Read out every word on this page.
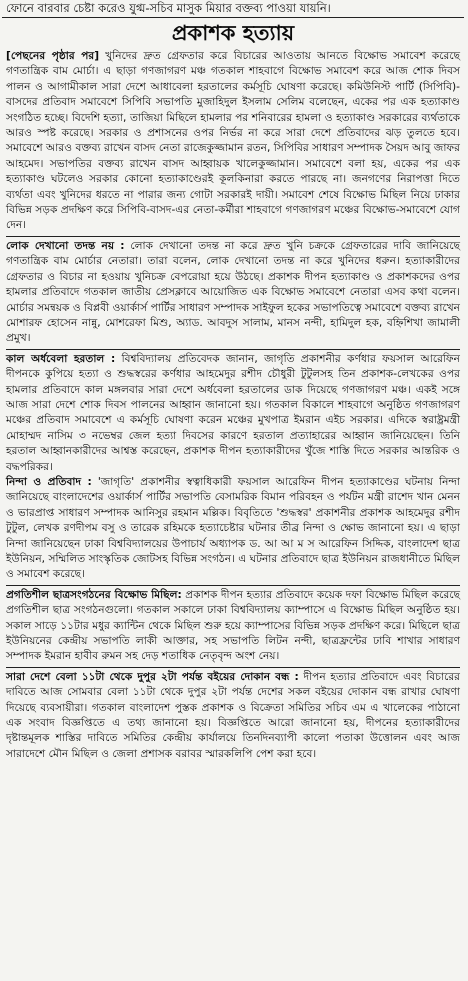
ফোনে বারবার চেষ্টা করেও যুগ্ম-সচিব মাসুক মিয়ার বক্তব্য পাওয়া যায়নি।
প্রকাশক হত্যায়

[পেছনের পৃষ্ঠার পর] খুনিদের দ্রুত গ্রেফতার করে বিচারের আওতায় আনতে বিক্ষোভ সমাবেশ করেছে গণতান্ত্রিক বাম মোর্চা। এ ছাড়া গণজাগরণ মঞ্চ গতকাল শাহবাগে বিক্ষোভ সমাবেশ করে আজ শোক দিবস পালন ও আগামীকাল সারা দেশে আধাবেলা হরতালের কর্মসূচি ঘোষণা করেছে। কমিউনিস্ট পার্টি (সিপিবি)-বাসদের প্রতিবাদ সমাবেশে সিপিবি সভাপতি মুজাহিদুল ইসলাম সেলিম বলেছেন, একের পর এক হত্যাকাণ্ড সংগঠিত হচ্ছে। বিদেশি হত্যা, তাজিয়া মিছিলে হামলার পর শনিবারের হামলা ও হত্যাকাণ্ড সরকারের ব্যর্থতাকে আরও স্পষ্ট করেছে। সরকার ও প্রশাসনের ওপর নির্ভর না করে সারা দেশে প্রতিবাদের ঝড় তুলতে হবে। সমাবেশে আরও বক্তব্য রাখেন বাসদ নেতা রাজেকুজ্জামান রতন, সিপিবির সাধারণ সম্পাদক সৈয়দ আবু জাফর আহমেদ। সভাপতির বক্তব্য রাখেন বাসদ আহ্বায়ক খালেকুজ্জামান। সমাবেশে বলা হয়, একের পর এক হত্যাকাণ্ড ঘটলেও সরকার কোনো হত্যাকাণ্ডেরই কূলকিনারা করতে পারছে না। জনগণের নিরাপত্তা দিতে ব্যর্থতা এবং খুনিদের ধরতে না পারার জন্য গোটা সরকারই দায়ী। সমাবেশ শেষে বিক্ষোভ মিছিল নিয়ে ঢাকার বিভিন্ন সড়ক প্রদক্ষিণ করে সিপিবি-বাসদ-এর নেতা-কর্মীরা শাহবাগে গণজাগরণ মঞ্চের বিক্ষোভ-সমাবেশে যোগ দেন।

লোক দেখানো তদন্ত নয় : লোক দেখানো তদন্ত না করে দ্রুত খুনি চক্রকে গ্রেফতারের দাবি জানিয়েছে গণতান্ত্রিক বাম মোর্চার নেতারা। তারা বলেন, লোক দেখানো তদন্ত না করে খুনিদের ধরুন। হত্যাকারীদের গ্রেফতার ও বিচার না হওয়ায় খুনিচক্র বেপরোয়া হয়ে উঠছে। প্রকাশক দীপন হত্যাকাণ্ড ও প্রকাশকদের ওপর হামলার প্রতিবাদে গতকাল জাতীয় প্রেসক্লাবে আয়োজিত এক বিক্ষোভ সমাবেশে নেতারা এসব কথা বলেন। মোর্চার সমন্বয়ক ও বিপ্লবী ওয়ার্কার্স পার্টির সাধারণ সম্পাদক সাইফুল হকের সভাপতিত্বে সমাবেশে বক্তব্য রাখেন মোশারফ হোসেন নান্নু, মোশরেফা মিশু, অ্যাড. আবদুস সালাম, মানস নন্দী, হামিদুল হক, বহ্নিশিখা জামালী প্রমুখ।

কাল অর্ধবেলা হরতাল : বিশ্ববিদ্যালয় প্রতিবেদক জানান, জাগৃতি প্রকাশনীর কর্ণধার ফয়সাল আরেফিন দীপনকে কুপিয়ে হত্যা ও শুদ্ধস্বরের কর্ণধার আহমেদুর রশীদ চৌধুরী টুটুলসহ তিন প্রকাশক-লেখকের ওপর হামলার প্রতিবাদে কাল মঙ্গলবার সারা দেশে অর্ধবেলা হরতালের ডাক দিয়েছে গণজাগরণ মঞ্চ। একই সঙ্গে আজ সারা দেশে শোক দিবস পালনের আহ্বান জানানো হয়। গতকাল বিকালে শাহবাগে অনুষ্ঠিত গণজাগরণ মঞ্চের প্রতিবাদ সমাবেশে এ কর্মসূচি ঘোষণা করেন মঞ্চের মুখপাত্র ইমরান এইচ সরকার। এদিকে স্বরাষ্ট্রমন্ত্রী মোহাম্মদ নাসিম ৩ নভেম্বর জেল হত্যা দিবসের কারণে হরতাল প্রত্যাহারের আহ্বান জানিয়েছেন। তিনি হরতাল আহ্বানকারীদের আশ্বস্ত করেছেন, প্রকাশক দীপন হত্যাকারীদের খুঁজে শাস্তি দিতে সরকার আন্তরিক ও বদ্ধপরিকর।

নিন্দা ও প্রতিবাদ : 'জাগৃতি' প্রকাশনীর স্বত্বাধিকারী ফয়সাল আরেফিন দীপন হত্যাকাণ্ডের ঘটনায় নিন্দা জানিয়েছে বাংলাদেশের ওয়ার্কার্স পার্টির সভাপতি বেসামরিক বিমান পরিবহন ও পর্যটন মন্ত্রী রাশেদ খান মেনন ও ভারপ্রাপ্ত সাধারণ সম্পাদক আনিসুর রহমান মল্লিক। বিবৃতিতে 'শুদ্ধস্বর' প্রকাশনীর প্রকাশক আহমেদুর রশীদ টুটুল, লেখক রণদীপম বসু ও তারেক রহিমকে হত্যাচেষ্টার ঘটনার তীব্র নিন্দা ও ক্ষোভ জানানো হয়। এ ছাড়া নিন্দা জানিয়েছেন ঢাকা বিশ্ববিদ্যালয়ের উপাচার্য অধ্যাপক ড. আ আ ম স আরেফিন সিদ্দিক, বাংলাদেশ ছাত্র ইউনিয়ন, সম্মিলিত সাংস্কৃতিক জোটসহ বিভিন্ন সংগঠন। এ ঘটনার প্রতিবাদে ছাত্র ইউনিয়ন রাজধানীতে মিছিল ও সমাবেশ করেছে।

প্রগতিশীল ছাত্রসংগঠনের বিক্ষোভ মিছিল: প্রকাশক দীপন হত্যার প্রতিবাদে কয়েক দফা বিক্ষোভ মিছিল করেছে প্রগতিশীল ছাত্র সংগঠনগুলো। গতকাল সকালে ঢাকা বিশ্ববিদ্যালয় ক্যাম্পাসে এ বিক্ষোভ মিছিল অনুষ্ঠিত হয়। সকাল সাড়ে ১১টার মধুর ক্যান্টিন থেকে মিছিল শুরু হয়ে ক্যাম্পাসের বিভিন্ন সড়ক প্রদক্ষিণ করে। মিছিলে ছাত্র ইউনিয়নের কেন্দ্রীয় সভাপতি লাকী আক্তার, সহ সভাপতি লিটন নন্দী, ছাত্রফ্রন্টের ঢাবি শাখার সাধারণ সম্পাদক ইমরান হাবীব রুমন সহ দেড় শতাধিক নেতৃবৃন্দ অংশ নেয়।

সারা দেশে বেলা ১১টা থেকে দুপুর ২টা পর্যন্ত বইয়ের দোকান বন্ধ : দীপন হত্যার প্রতিবাদে এবং বিচারের দাবিতে আজ সোমবার বেলা ১১টা থেকে দুপুর ২টা পর্যন্ত দেশের সকল বইয়ের দোকান বন্ধ রাখার ঘোষণা দিয়েছে ব্যবসায়ীরা। গতকাল বাংলাদেশ পুস্তক প্রকাশক ও বিক্রেতা সমিতির সচিব এম এ খালেকের পাঠানো এক সংবাদ বিজ্ঞপ্তিতে এ তথ্য জানানো হয়। বিজ্ঞপ্তিতে আরো জানানো হয়, দীপনের হত্যাকারীদের দৃষ্টান্তমূলক শাস্তির দাবিতে সমিতির কেন্দ্রীয় কার্যালয়ে তিনদিনব্যাপী কালো পতাকা উত্তোলন এবং আজ সারাদেশে মৌন মিছিল ও জেলা প্রশাসক বরাবর স্মারকলিপি পেশ করা হবে।
